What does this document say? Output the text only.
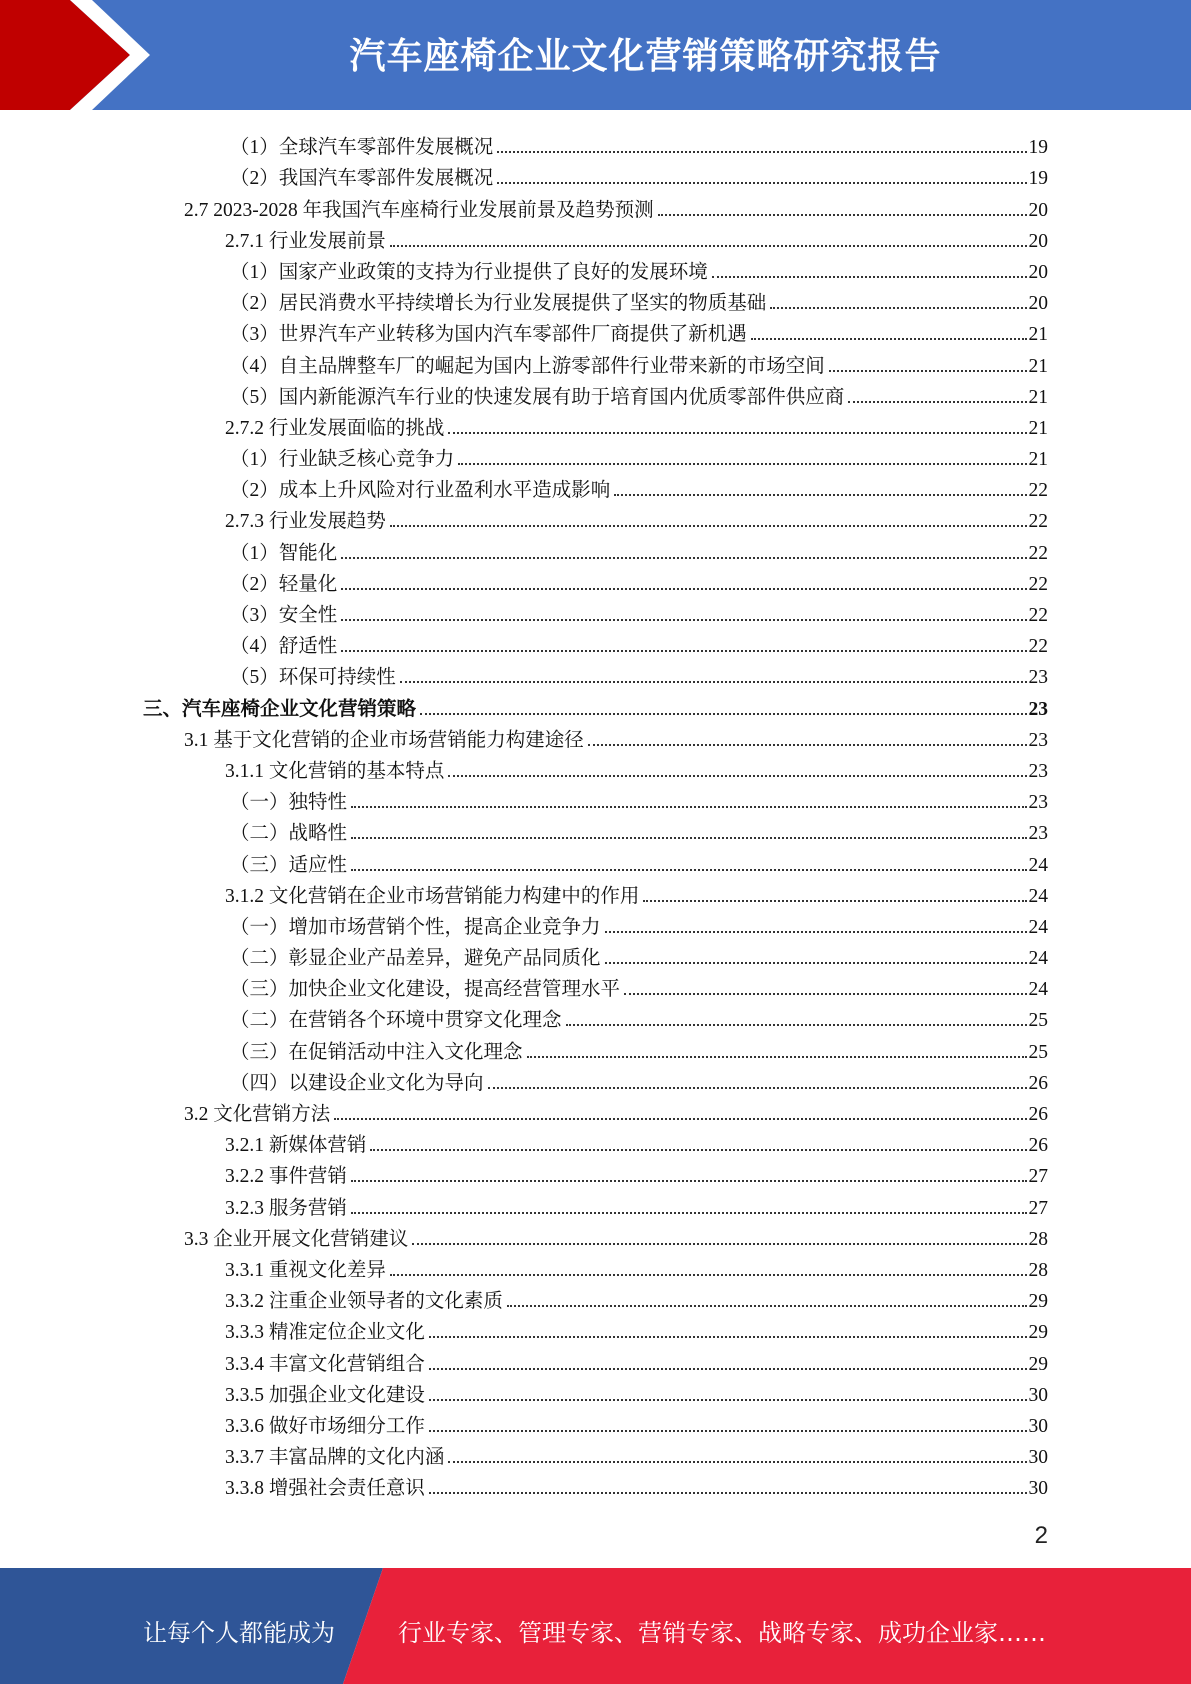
汽车座椅企业文化营销策略研究报告
（1）全球汽车零部件发展概况	19
（2）我国汽车零部件发展概况	19
2.7 2023-2028 年我国汽车座椅行业发展前景及趋势预测	20
2.7.1 行业发展前景	20
（1）国家产业政策的支持为行业提供了良好的发展环境	20
（2）居民消费水平持续增长为行业发展提供了坚实的物质基础	20
（3）世界汽车产业转移为国内汽车零部件厂商提供了新机遇	21
（4）自主品牌整车厂的崛起为国内上游零部件行业带来新的市场空间	21
（5）国内新能源汽车行业的快速发展有助于培育国内优质零部件供应商	21
2.7.2 行业发展面临的挑战	21
（1）行业缺乏核心竞争力	21
（2）成本上升风险对行业盈利水平造成影响	22
2.7.3 行业发展趋势	22
（1）智能化	22
（2）轻量化	22
（3）安全性	22
（4）舒适性	22
（5）环保可持续性	23
三、汽车座椅企业文化营销策略	23
3.1 基于文化营销的企业市场营销能力构建途径	23
3.1.1 文化营销的基本特点	23
（一）独特性	23
（二）战略性	23
（三）适应性	24
3.1.2 文化营销在企业市场营销能力构建中的作用	24
（一）增加市场营销个性，提高企业竞争力	24
（二）彰显企业产品差异，避免产品同质化	24
（三）加快企业文化建设，提高经营管理水平	24
（二）在营销各个环境中贯穿文化理念	25
（三）在促销活动中注入文化理念	25
（四）以建设企业文化为导向	26
3.2 文化营销方法	26
3.2.1 新媒体营销	26
3.2.2 事件营销	27
3.2.3 服务营销	27
3.3 企业开展文化营销建议	28
3.3.1 重视文化差异	28
3.3.2 注重企业领导者的文化素质	29
3.3.3 精准定位企业文化	29
3.3.4 丰富文化营销组合	29
3.3.5 加强企业文化建设	30
3.3.6 做好市场细分工作	30
3.3.7 丰富品牌的文化内涵	30
3.3.8 增强社会责任意识	30
2
让每个人都能成为	行业专家、管理专家、营销专家、战略专家、成功企业家……
